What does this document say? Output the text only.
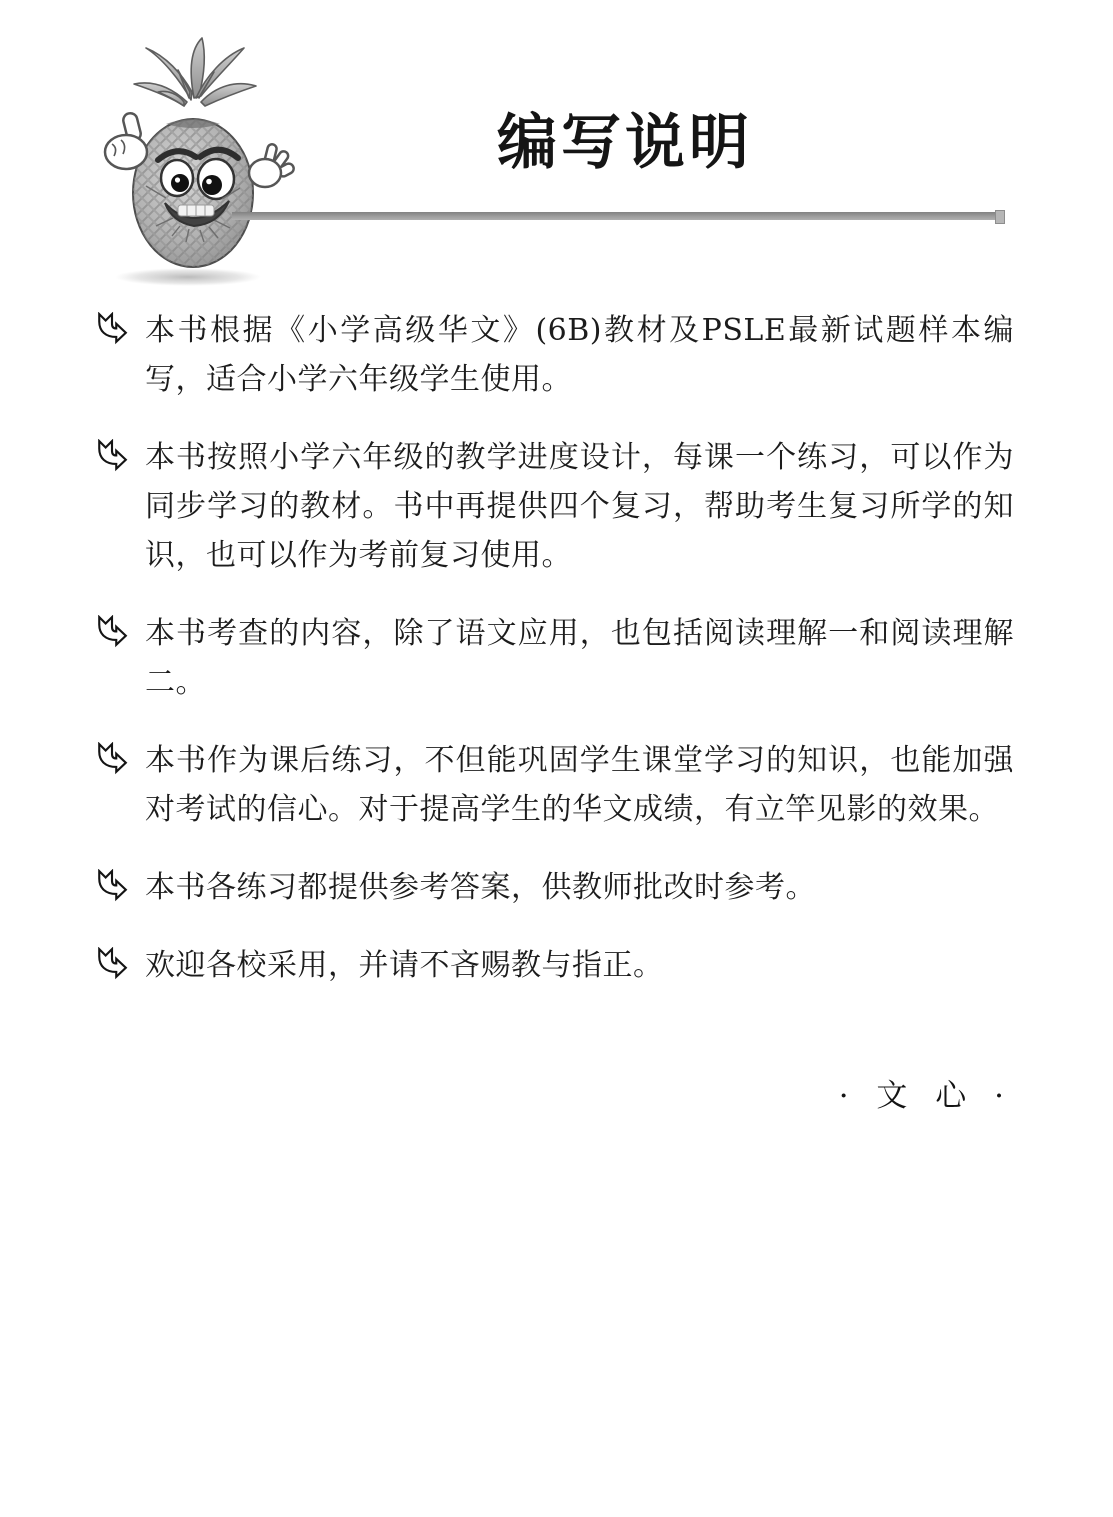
编写说明

本书根据《小学高级华文》(6B)教材及PSLE最新试题样本编写，适合小学六年级学生使用。

本书按照小学六年级的教学进度设计，每课一个练习，可以作为同步学习的教材。书中再提供四个复习，帮助考生复习所学的知识，也可以作为考前复习使用。

本书考查的内容，除了语文应用，也包括阅读理解一和阅读理解二。

本书作为课后练习，不但能巩固学生课堂学习的知识，也能加强对考试的信心。对于提高学生的华文成绩，有立竿见影的效果。

本书各练习都提供参考答案，供教师批改时参考。

欢迎各校采用，并请不吝赐教与指正。

· 文 心 ·
